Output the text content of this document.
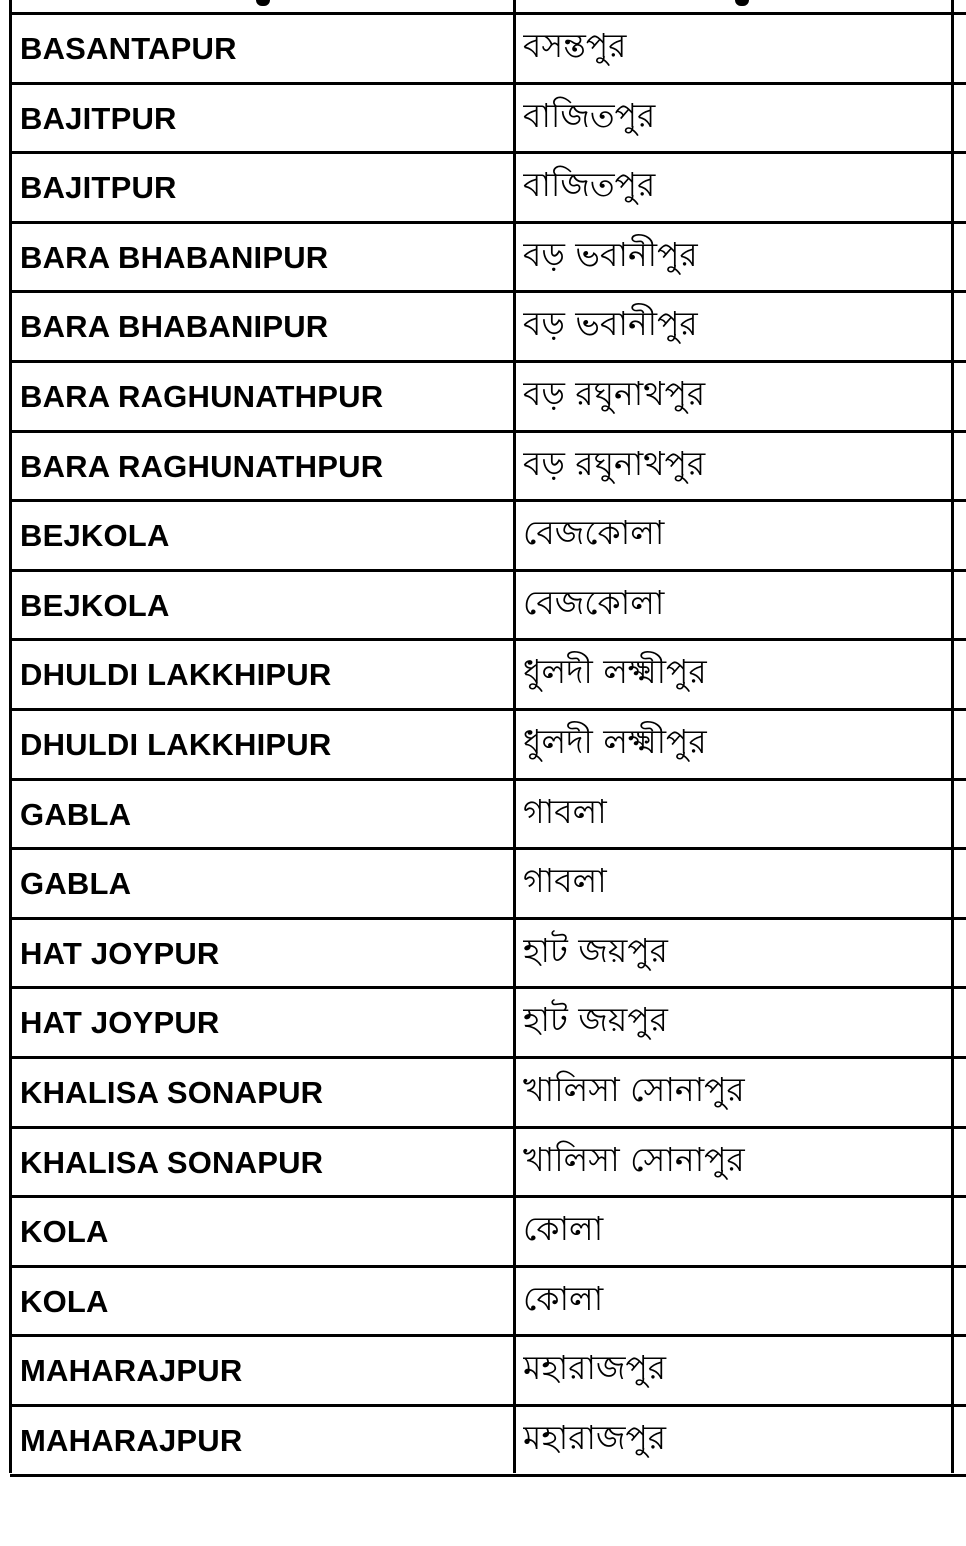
BASANTAPUR	বসন্তপুর
BAJITPUR	বাজিতপুর
BAJITPUR	বাজিতপুর
BARA BHABANIPUR	বড় ভবানীপুর
BARA BHABANIPUR	বড় ভবানীপুর
BARA RAGHUNATHPUR	বড় রঘুনাথপুর
BARA RAGHUNATHPUR	বড় রঘুনাথপুর
BEJKOLA	বেজকোলা
BEJKOLA	বেজকোলা
DHULDI LAKKHIPUR	ধুলদী লক্ষ্মীপুর
DHULDI LAKKHIPUR	ধুলদী লক্ষ্মীপুর
GABLA	গাবলা
GABLA	গাবলা
HAT JOYPUR	হাট জয়পুর
HAT JOYPUR	হাট জয়পুর
KHALISA SONAPUR	খালিসা সোনাপুর
KHALISA SONAPUR	খালিসা সোনাপুর
KOLA	কোলা
KOLA	কোলা
MAHARAJPUR	মহারাজপুর
MAHARAJPUR	মহারাজপুর
